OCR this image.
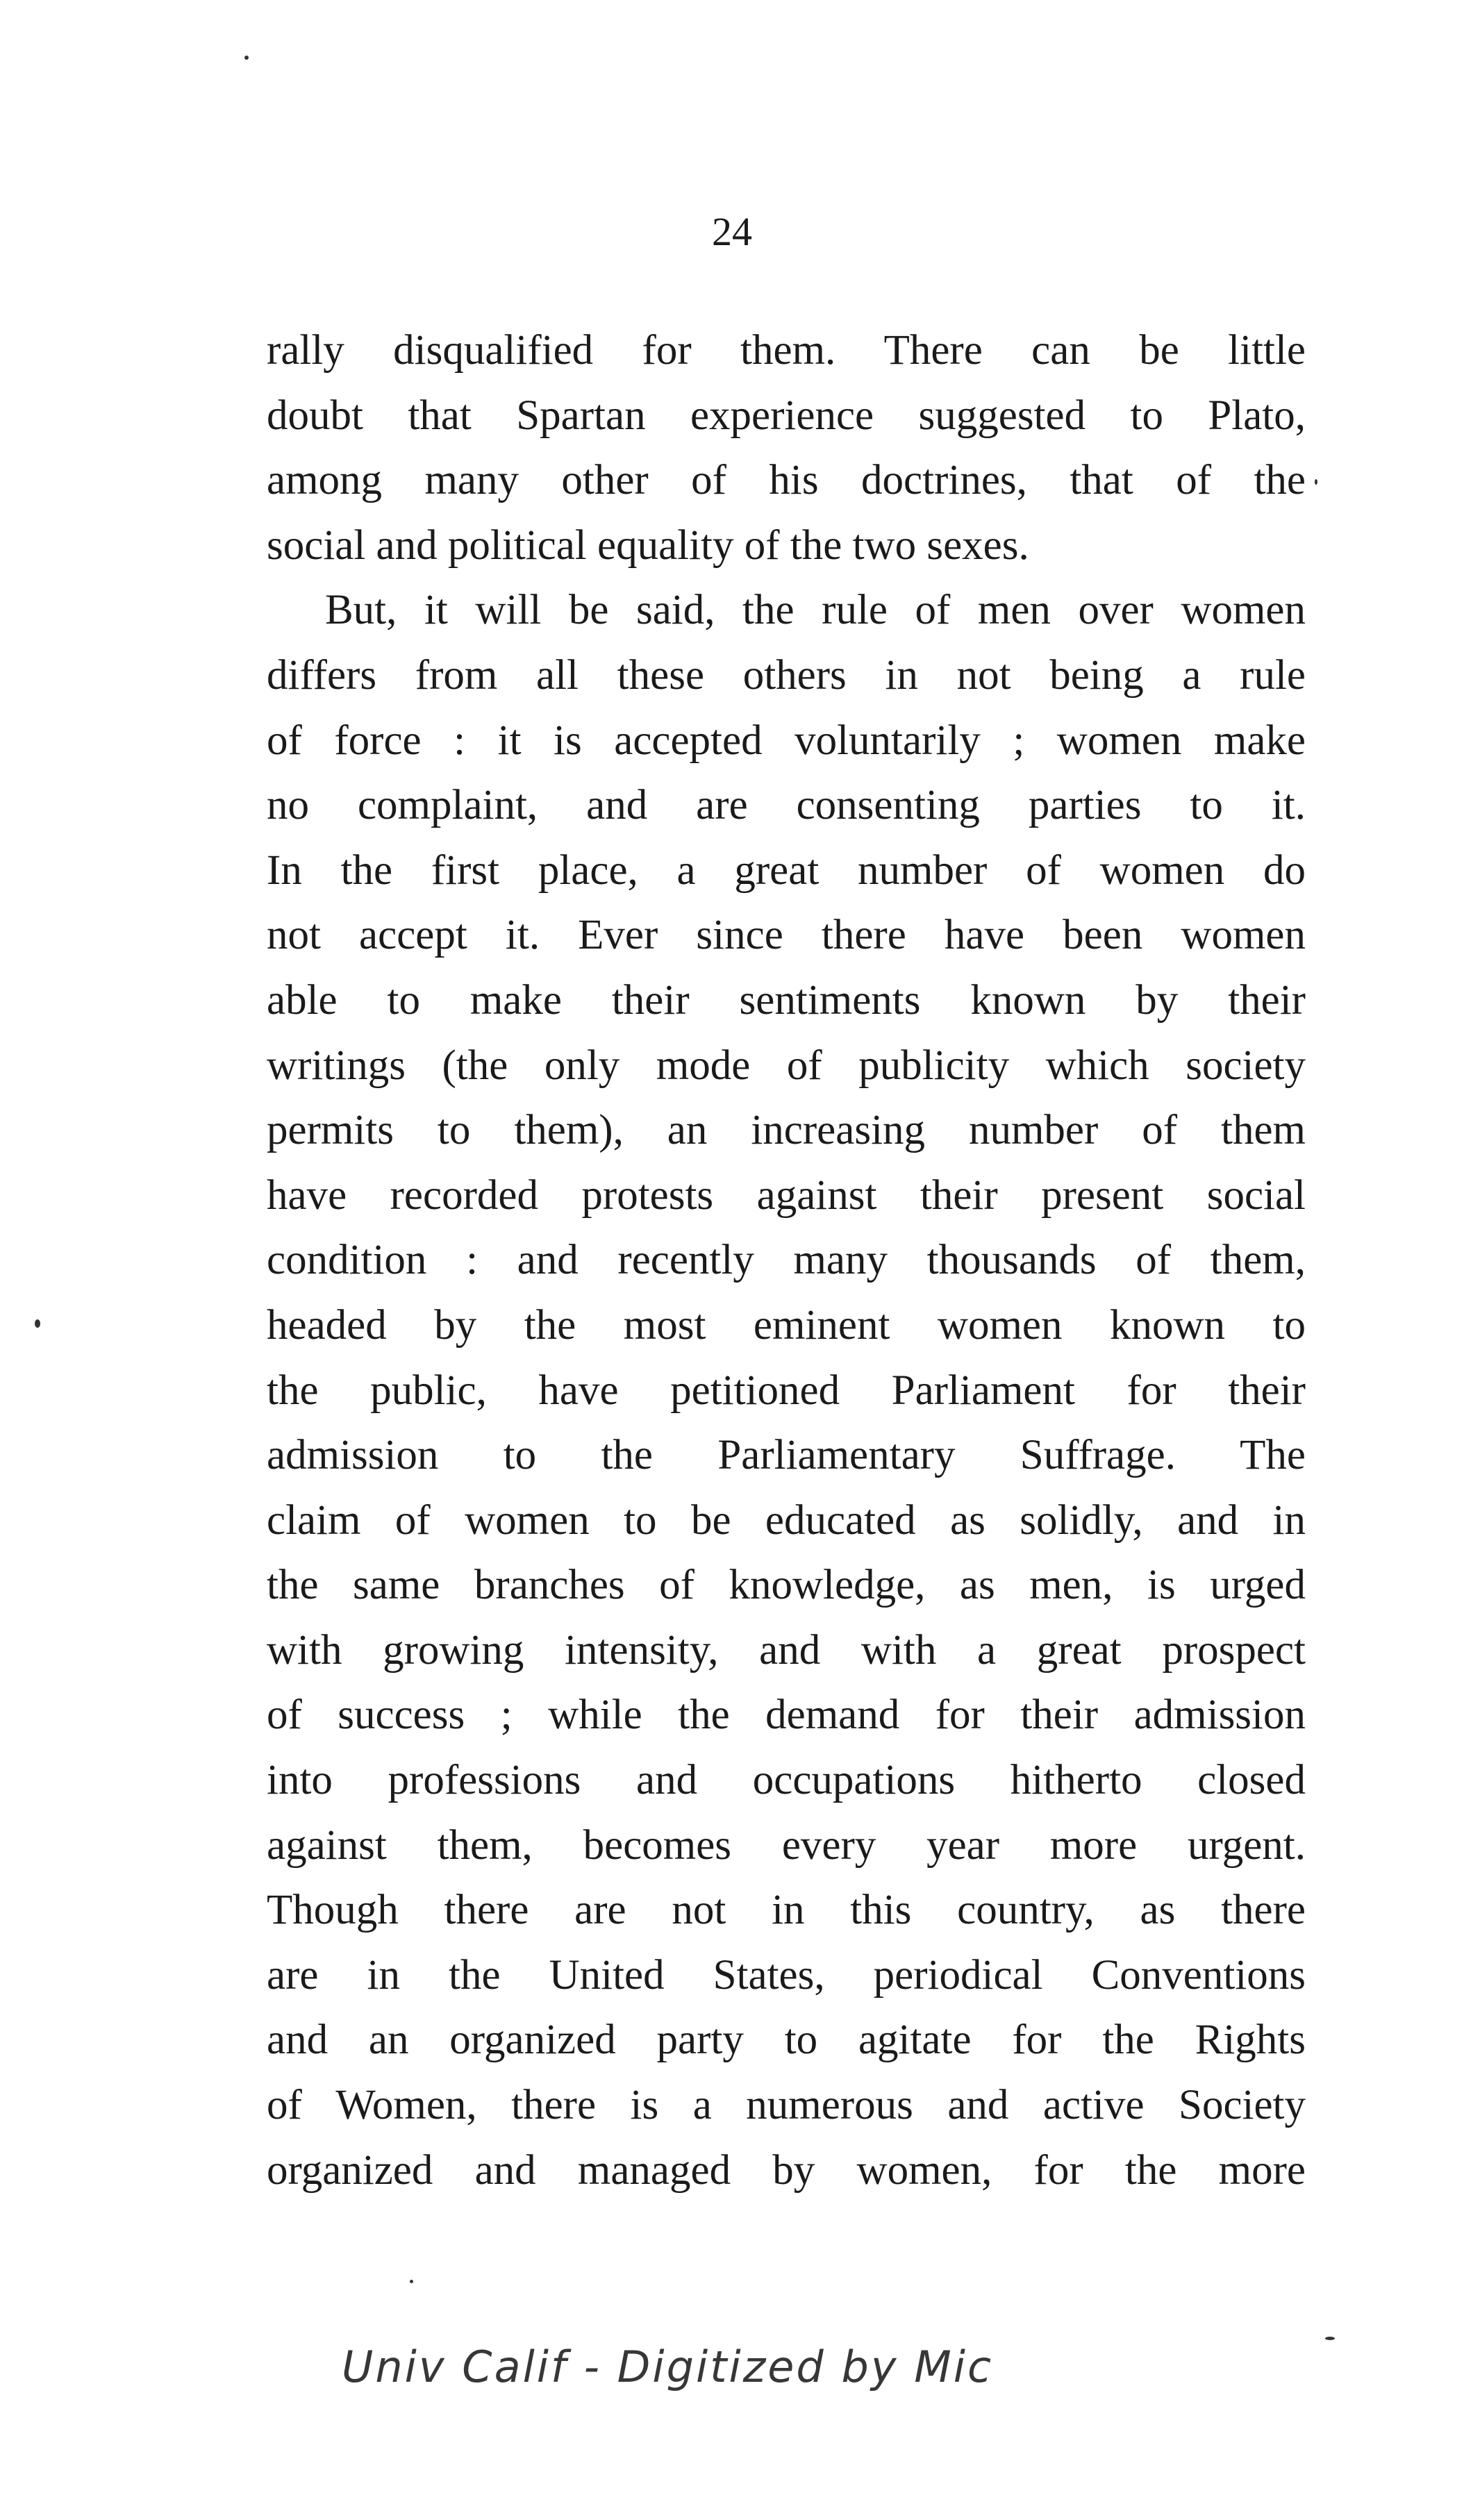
24
rally disqualified for them. There can be little
doubt that Spartan experience suggested to Plato,
among many other of his doctrines, that of the
social and political equality of the two sexes.
But, it will be said, the rule of men over women
differs from all these others in not being a rule
of force : it is accepted voluntarily ; women make
no complaint, and are consenting parties to it.
In the first place, a great number of women do
not accept it. Ever since there have been women
able to make their sentiments known by their
writings (the only mode of publicity which society
permits to them), an increasing number of them
have recorded protests against their present social
condition : and recently many thousands of them,
headed by the most eminent women known to
the public, have petitioned Parliament for their
admission to the Parliamentary Suffrage. The
claim of women to be educated as solidly, and in
the same branches of knowledge, as men, is urged
with growing intensity, and with a great prospect
of success ; while the demand for their admission
into professions and occupations hitherto closed
against them, becomes every year more urgent.
Though there are not in this country, as there
are in the United States, periodical Conventions
and an organized party to agitate for the Rights
of Women, there is a numerous and active Society
organized and managed by women, for the more
Univ Calif - Digitized by Mic
